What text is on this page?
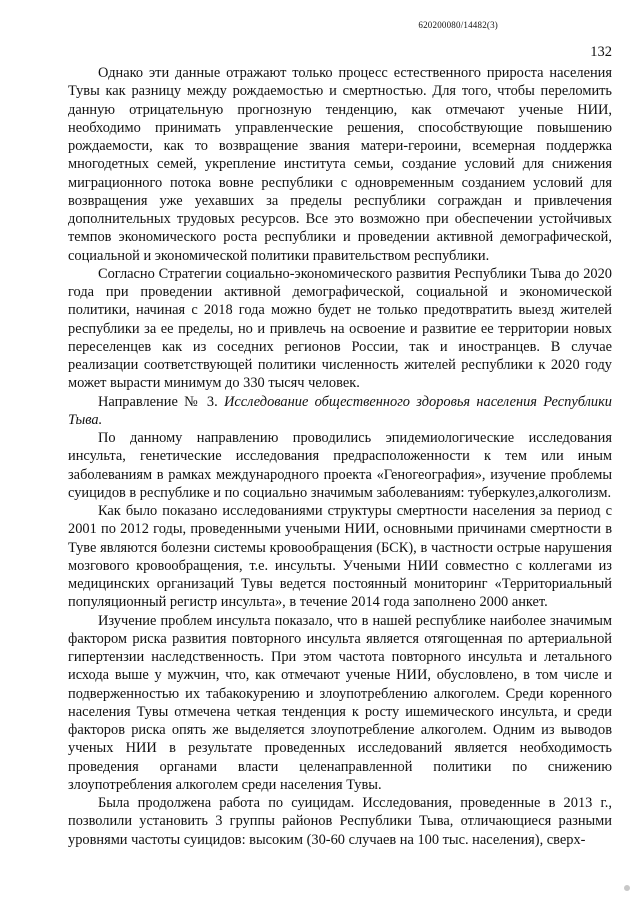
620200080/14482(3)
132

Однако эти данные отражают только процесс естественного прироста населения Тувы как разницу между рождаемостью и смертностью. Для того, чтобы переломить данную отрицательную прогнозную тенденцию, как отмечают ученые НИИ, необходимо принимать управленческие решения, способствующие повышению рождаемости, как то возвращение звания матери-героини, всемерная поддержка многодетных семей, укрепление института семьи, создание условий для снижения миграционного потока вовне республики с одновременным созданием условий для возвращения уже уехавших за пределы республики сограждан и привлечения дополнительных трудовых ресурсов. Все это возможно при обеспечении устойчивых темпов экономического роста республики и проведении активной демографической, социальной и экономической политики правительством республики.

Согласно Стратегии социально-экономического развития Республики Тыва до 2020 года при проведении активной демографической, социальной и экономической политики, начиная с 2018 года можно будет не только предотвратить выезд жителей республики за ее пределы, но и привлечь на освоение и развитие ее территории новых переселенцев как из соседних регионов России, так и иностранцев. В случае реализации соответствующей политики численность жителей республики к 2020 году может вырасти минимум до 330 тысяч человек.

Направление № 3. Исследование общественного здоровья населения Республики Тыва.

По данному направлению проводились эпидемиологические исследования инсульта, генетические исследования предрасположенности к тем или иным заболеваниям в рамках международного проекта «Геногеография», изучение проблемы суицидов в республике и по социально значимым заболеваниям: туберкулез,алкоголизм.

Как было показано исследованиями структуры смертности населения за период с 2001 по 2012 годы, проведенными учеными НИИ, основными причинами смертности в Туве являются болезни системы кровообращения (БСК), в частности острые нарушения мозгового кровообращения, т.е. инсульты. Учеными НИИ совместно с коллегами из медицинских организаций Тувы ведется постоянный мониторинг «Территориальный популяционный регистр инсульта», в течение 2014 года заполнено 2000 анкет.

Изучение проблем инсульта показало, что в нашей республике наиболее значимым фактором риска развития повторного инсульта является отягощенная по артериальной гипертензии наследственность. При этом частота повторного инсульта и летального исхода выше у мужчин, что, как отмечают ученые НИИ, обусловлено, в том числе и подверженностью их табакокурению и злоупотреблению алкоголем. Среди коренного населения Тувы отмечена четкая тенденция к росту ишемического инсульта, и среди факторов риска опять же выделяется злоупотребление алкоголем. Одним из выводов ученых НИИ в результате проведенных исследований является необходимость проведения органами власти целенаправленной политики по снижению злоупотребления алкоголем среди населения Тувы.

Была продолжена работа по суицидам. Исследования, проведенные в 2013 г., позволили установить 3 группы районов Республики Тыва, отличающиеся разными уровнями частоты суицидов: высоким (30-60 случаев на 100 тыс. населения), сверх-
